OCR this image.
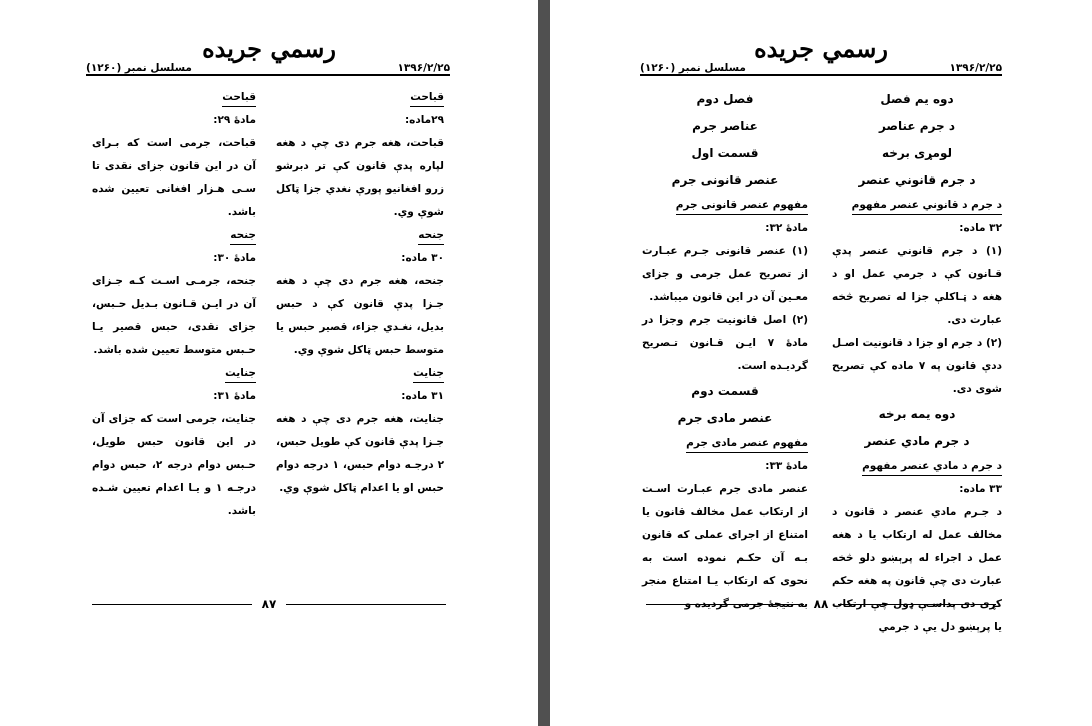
رسمي جريده
مسلسل نمبر (۱۲۶۰)	۱۳۹۶/۲/۲۵
قباحت
۲۹ماده:

قباحت، هغه جرم دی چې د هغه لپاره پدې قانون کې تر دبرشو زرو افغانيو پورې نغدي جزا ټاکل شوې وي.

جنحه
۳۰ ماده:

جنحه، هغه جرم دی چې د هغه جـزا پدې قانون کې د حبس بديل، نغـدي جزاء، قصير حبس يا متوسط حبس ټاکل شوې وي.

جنايت
۳۱ ماده:

جنايت، هغه جرم دی چې د هغه جـزا پدې قانون کې طويل حبس، ۲ درجـه دوام حبس، ۱ درجه دوام حبس او يا اعدام ټاکل شوې وي.

قباحت
مادۀ ۲۹:

قباحت، جرمی است که بـرای آن در اين قانون جزای نقدی تا سـی هـزار افغانی تعيين شده باشد.

جنحه
مادۀ ۳۰:

جنحه، جرمـی اسـت کـه جـزای آن در ايـن قـانون بـديل حـبس، جزای نقدی، حبس قصير يـا حـبس متوسط تعيين شده باشد.

جنايت
مادۀ ۳۱:

جنايت، جرمی است که جزای آن در اين قانون حبس طويل، حـبس دوام درجه ۲، حبس دوام درجـه ۱ و يـا اعدام تعيين شـده باشد.

۸۷
رسمي جريده
مسلسل نمبر (۱۲۶۰)	۱۳۹۶/۲/۲۵
دوه يم فصل
د جرم عناصر
لومړی برخه
د جرم قانوني عنصر
د جرم د قانوني عنصر مفهوم
۳۲ ماده:

(۱) د جرم قانوني عنصر پدې قـانون کې د جرمي عمل او د هغه د ټـاکلې جزا له تصريح څخه عبارت دی.

(۲) د جرم او جزا د قانونيت اصـل ددې قانون په ۷ ماده کې تصريح شوی دی.

دوه يمه برخه
د جرم مادي عنصر
د جرم د مادي عنصر مفهوم
۳۳ ماده:

د جـرم مادي عنصر د قانون د مخالف عمل له ارتکاب يا د هغه عمل د اجراء له پرېښو دلو څخه عبارت دی چې قانون په هغه حکم کړی دی پداسـې ډول چې ارتکاب يا پرېښو دل يې د جرمي

فصل دوم
عناصر جرم
قسمت اول
عنصر قانونی جرم
مفهوم عنصر قانونی جرم
مادۀ ۳۲:

(۱) عنصر قانونی جـرم عبـارت از تصريح عمل جرمی و جزای معـين آن در اين قانون میباشد.

(۲) اصل قانونيت جرم وجزا در مادۀ ۷ ايـن قـانون تـصريح گرديـده است.

قسمت دوم
عنصر مادی جرم
مفهوم عنصر مادی جرم
مادۀ ۳۳:

عنصر مادی جرم عبـارت اسـت از ارتکاب عمل مخالف قانون يا امتناع از اجرای عملی که قانون بـه آن حکـم نموده است به نحوی که ارتکاب يـا امتناع منجر به نتيجۀ جرمی گرديده و ۸۸
